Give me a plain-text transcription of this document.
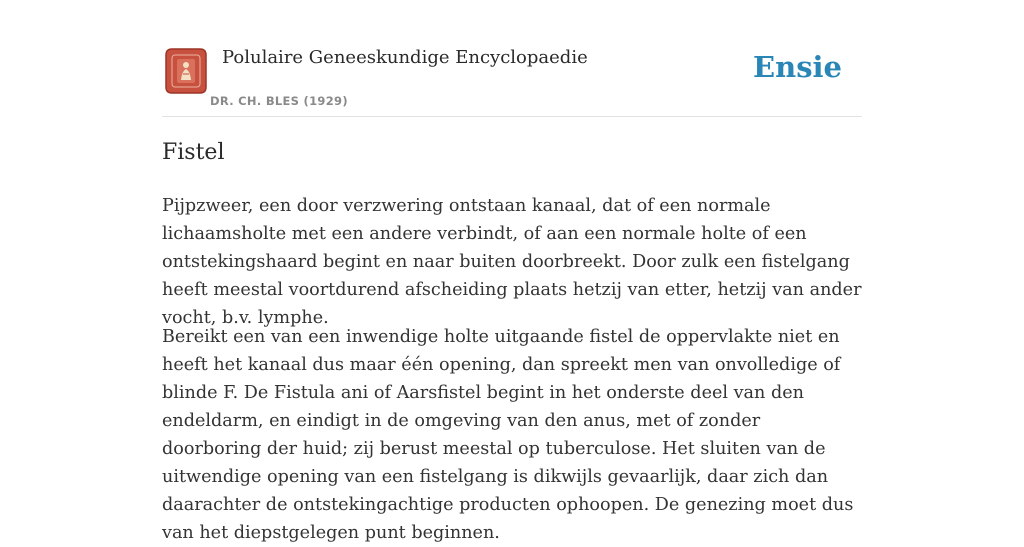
Polulaire Geneeskundige Encyclopaedie
DR. CH. BLES (1929)
Ensie
Fistel

Pijpzweer, een door verzwering ontstaan kanaal, dat of een normale lichaamsholte met een andere verbindt, of aan een normale holte of een ontstekingshaard begint en naar buiten doorbreekt. Door zulk een fistelgang heeft meestal voortdurend afscheiding plaats hetzij van etter, hetzij van ander vocht, b.v. lymphe.

Bereikt een van een inwendige holte uitgaande fistel de oppervlakte niet en heeft het kanaal dus maar één opening, dan spreekt men van onvolledige of blinde F. De Fistula ani of Aarsfistel begint in het onderste deel van den endeldarm, en eindigt in de omgeving van den anus, met of zonder doorboring der huid; zij berust meestal op tuberculose. Het sluiten van de uitwendige opening van een fistelgang is dikwijls gevaarlijk, daar zich dan daarachter de ontstekingachtige producten ophoopen. De genezing moet dus van het diepstgelegen punt beginnen.
